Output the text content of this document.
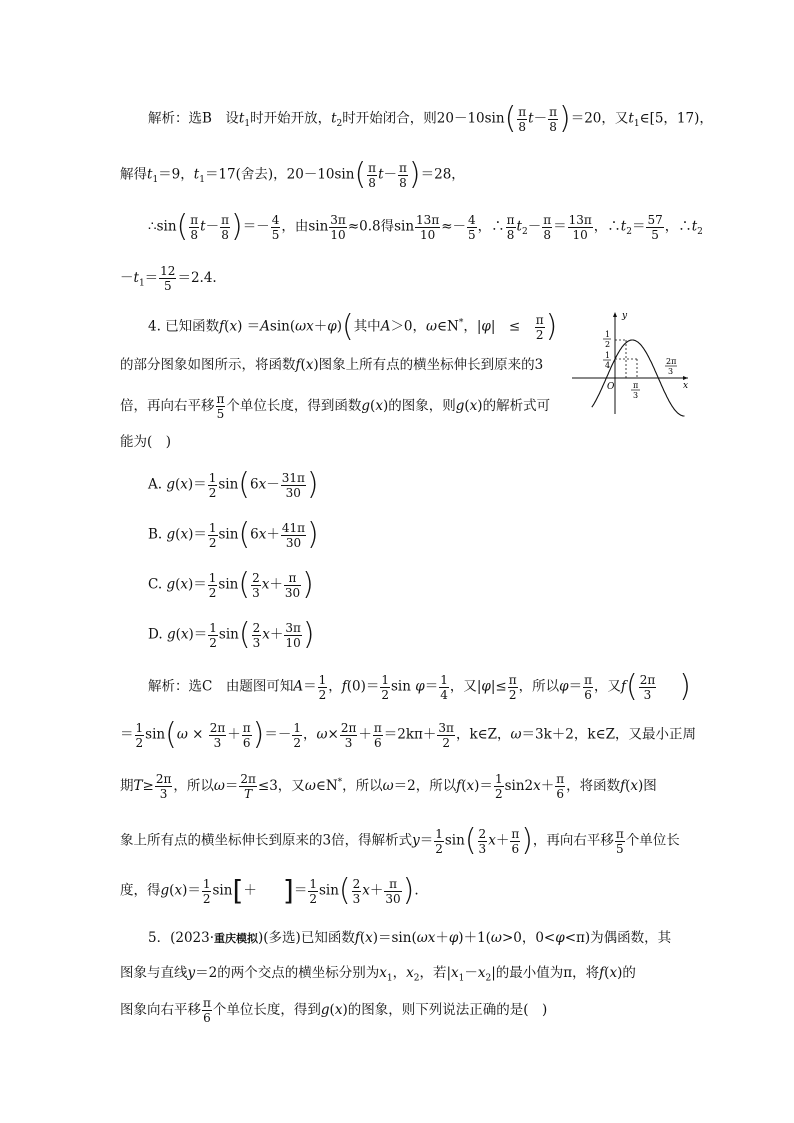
解析：选B　设$t_1$时开始开放，$t_2$时开始闭合，则$20-10\sin( \frac{\pi}{8} t- \frac{\pi}{8} )=20$，又$t_1\in[5$，17)，
解得$t_1=9$，$t_1=17$(舍去)，$20-10\sin( \frac{\pi}{8} t- \frac{\pi}{8} )=28$，
∴sin( $\frac{\pi}{8} t- \frac{\pi}{8}$ )＝－ $\frac{4}{5}$ ，由$\sin \frac{3\pi}{10} \approx 0.8$得$\sin \frac{13\pi}{10} \approx- \frac{4}{5}$ ，∴ $\frac{\pi}{8} t_2- \frac{\pi}{8} = \frac{13\pi}{10}$ ，$\therefore t_2= \frac{57}{5}$ ，$\therefore t_2$
$-t_1= \frac{12}{5} =2.4$.
4. 已知函数f(x) ＝Asin(ωx＋φ)(其中A＞0，ω∈N*，|φ|　≤　 $\frac{\pi}{2}$ )
的部分图象如图所示，将函数f(x)图象上所有点的横坐标伸长到原来的3
倍，再向右平移 $\frac{\pi}{5}$ 个单位长度，得到函数g(x)的图象，则g(x)的解析式可
能为(　)
A. $g(x)= \frac{1}{2} \sin(6x- \frac{31\pi}{30}$ )
B. $g(x)= \frac{1}{2} \sin(6x+ \frac{41\pi}{30}$ )
C. $g(x)= \frac{1}{2} \sin( \frac{2}{3} x+ \frac{\pi}{30}$ )
D. $g(x)= \frac{1}{2} \sin( \frac{2}{3} x+ \frac{3\pi}{10}$ )
y
x
O
1
2
1
4
π
3
2π
3
解析：选C　由题图可知$A= \frac{1}{2}$ ，$f(0)= \frac{1}{2}$ $\sin \varphi= \frac{1}{4}$ ，又$|\varphi|\le \frac{\pi}{2}$ ，所以$\varphi= \frac{\pi}{6}$ ，又$f( \frac{2\pi}{3}$ )
＝ $\frac{1}{2} \sin(\omega \times \frac{2\pi}{3} + \frac{\pi}{6}$ )＝－ $\frac{1}{2}$ ，$\omega\times \frac{2\pi}{3} + \frac{\pi}{6} =2k\pi+ \frac{3\pi}{2}$ ，k∈Z，ω＝3k＋2，k∈Z，又最小正周
期$T\ge \frac{2\pi}{3}$ ，所以$\omega= \frac{2\pi}{T} \le 3$，又ω∈N*，所以ω＝2，所以$f(x)= \frac{1}{2} \sin 2x+ \frac{\pi}{6}$ ，将函数f(x)图
象上所有点的横坐标伸长到原来的3倍，得解析式$y= \frac{1}{2} \sin( \frac{2}{3} x+ \frac{\pi}{6}$ )，再向右平移 $\frac{\pi}{5}$ 个单位长
度，得$g(x)= \frac{1}{2} \sin[+$ ]＝ $\frac{1}{2} \sin( \frac{2}{3} x+ \frac{\pi}{30}$ ).
5．(2023·重庆模拟)(多选)已知函数f(x)＝sin(ωx＋φ)＋1(ω>0，0<φ<π)为偶函数，其
图象与直线y＝2的两个交点的横坐标分别为$x_1$，$x_2$，若$|x_1-x_2|$的最小值为π，将f(x)的
图象向右平移 $\frac{\pi}{6}$ 个单位长度，得到g(x)的图象，则下列说法正确的是(　)
